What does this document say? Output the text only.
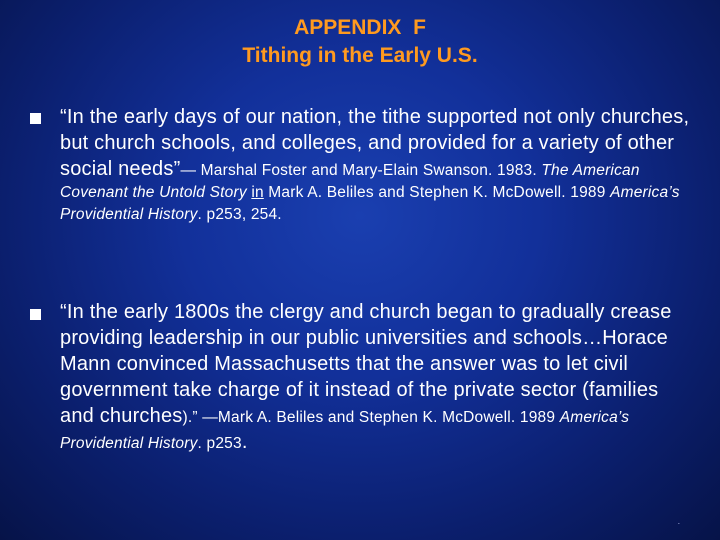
APPENDIX  F
Tithing in the Early U.S.
“In the early days of our nation, the tithe supported not only churches, but church schools, and colleges, and provided for a variety of other social needs”— Marshal Foster and Mary-Elain Swanson. 1983. The American Covenant the Untold Story in Mark A. Beliles and Stephen K. McDowell. 1989 America’s Providential History. p253, 254.
“In the early 1800s the clergy and church began to gradually crease providing leadership in our public universities and schools…Horace Mann convinced Massachusetts that the answer was to let civil government take charge of it instead of the private sector (families and churches).” —Mark A. Beliles and Stephen K. McDowell. 1989 America’s Providential History. p253.
.
